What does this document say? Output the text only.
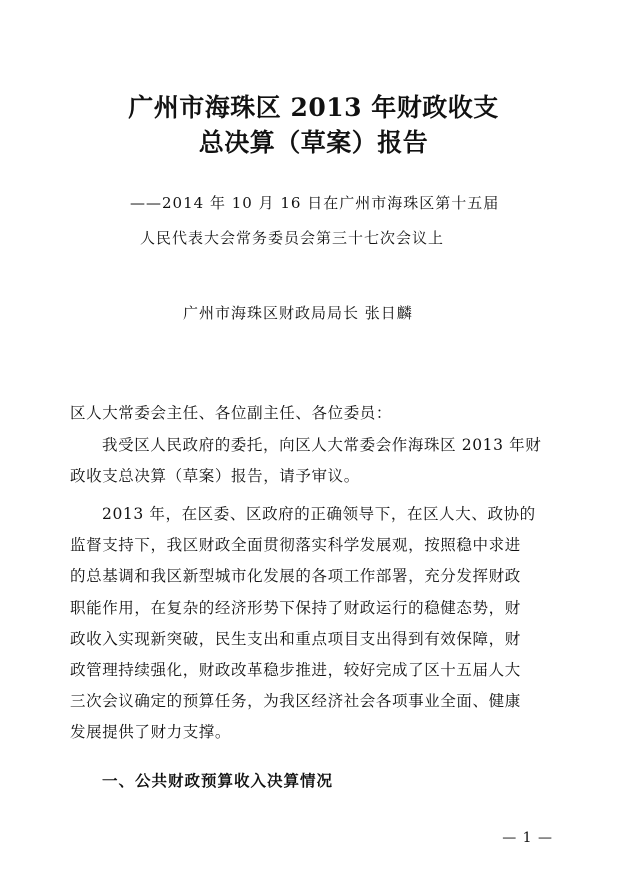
广州市海珠区 2013 年财政收支
总决算（草案）报告
——2014 年 10 月 16 日在广州市海珠区第十五届
人民代表大会常务委员会第三十七次会议上
广州市海珠区财政局局长 张日麟
区人大常委会主任、各位副主任、各位委员：
我受区人民政府的委托，向区人大常委会作海珠区 2013 年财
政收支总决算（草案）报告，请予审议。
2013 年，在区委、区政府的正确领导下，在区人大、政协的
监督支持下，我区财政全面贯彻落实科学发展观，按照稳中求进
的总基调和我区新型城市化发展的各项工作部署，充分发挥财政
职能作用，在复杂的经济形势下保持了财政运行的稳健态势，财
政收入实现新突破，民生支出和重点项目支出得到有效保障，财
政管理持续强化，财政改革稳步推进，较好完成了区十五届人大
三次会议确定的预算任务，为我区经济社会各项事业全面、健康
发展提供了财力支撑。
一、公共财政预算收入决算情况
— 1 —
